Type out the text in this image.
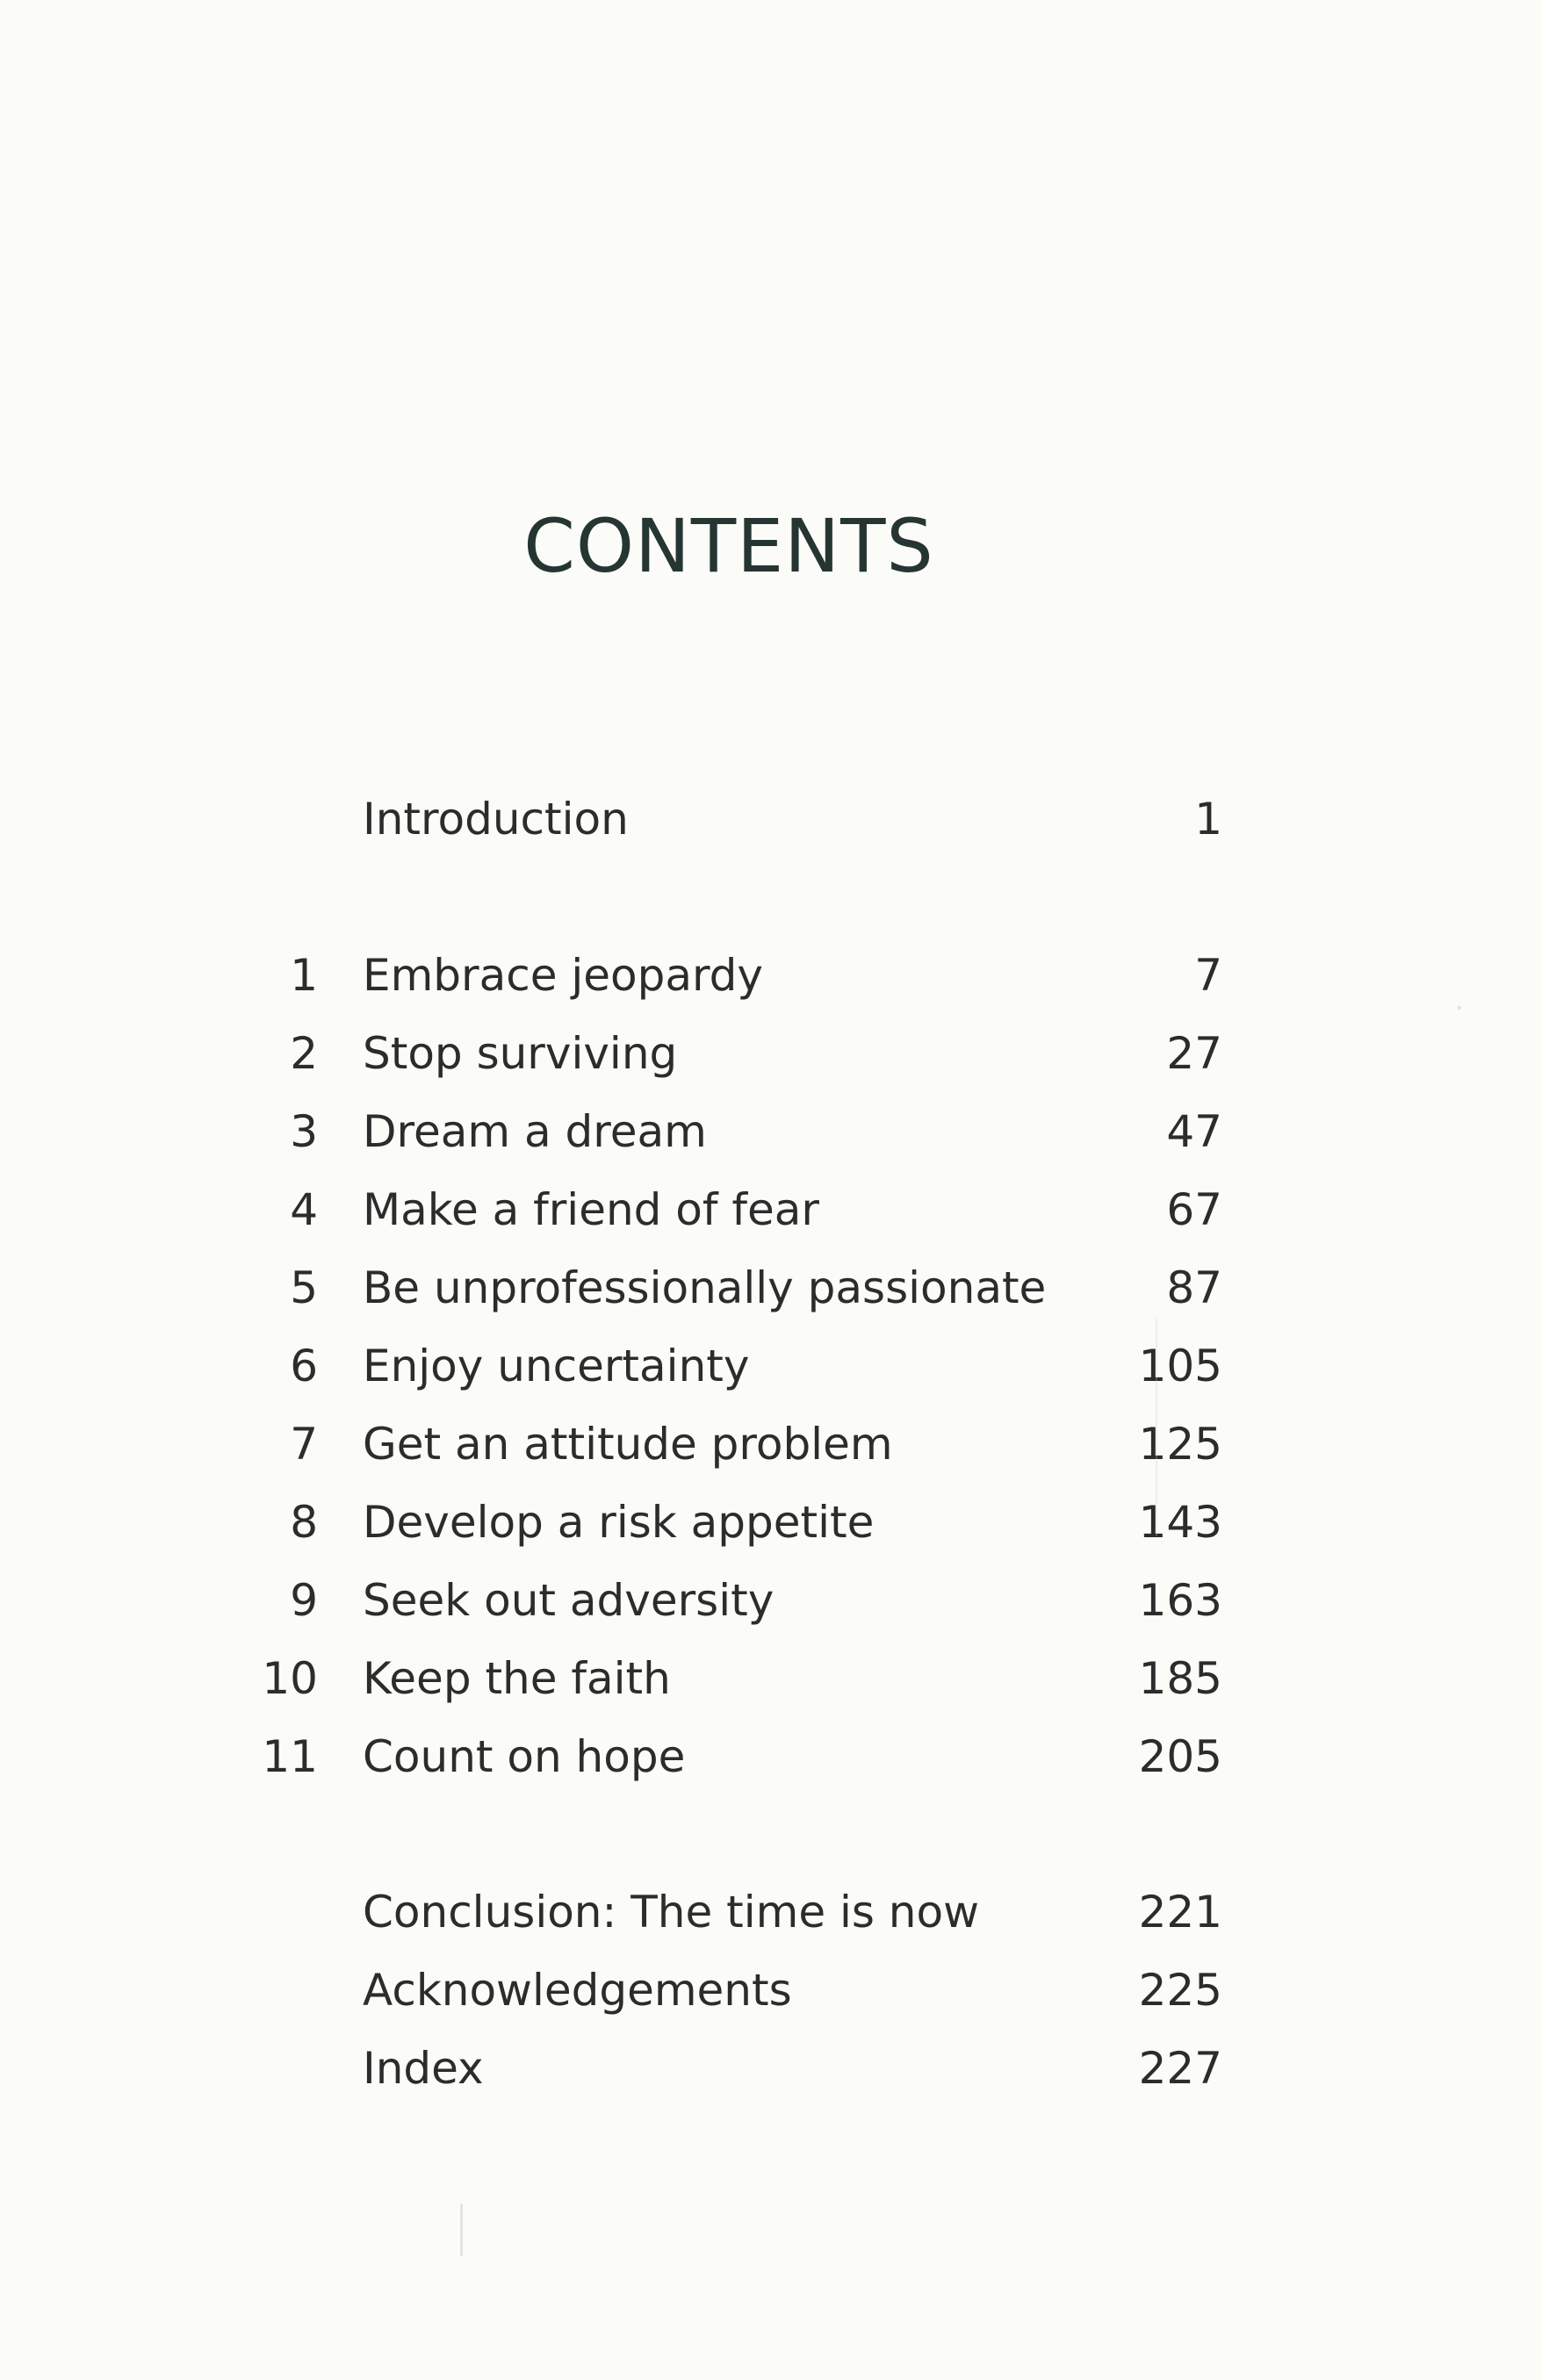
CONTENTS
Introduction	1
1 Embrace jeopardy	7
2 Stop surviving	27
3 Dream a dream	47
4 Make a friend of fear	67
5 Be unprofessionally passionate	87
6 Enjoy uncertainty	105
7 Get an attitude problem	125
8 Develop a risk appetite	143
9 Seek out adversity	163
10 Keep the faith	185
11 Count on hope	205
Conclusion: The time is now	221
Acknowledgements	225
Index	227
